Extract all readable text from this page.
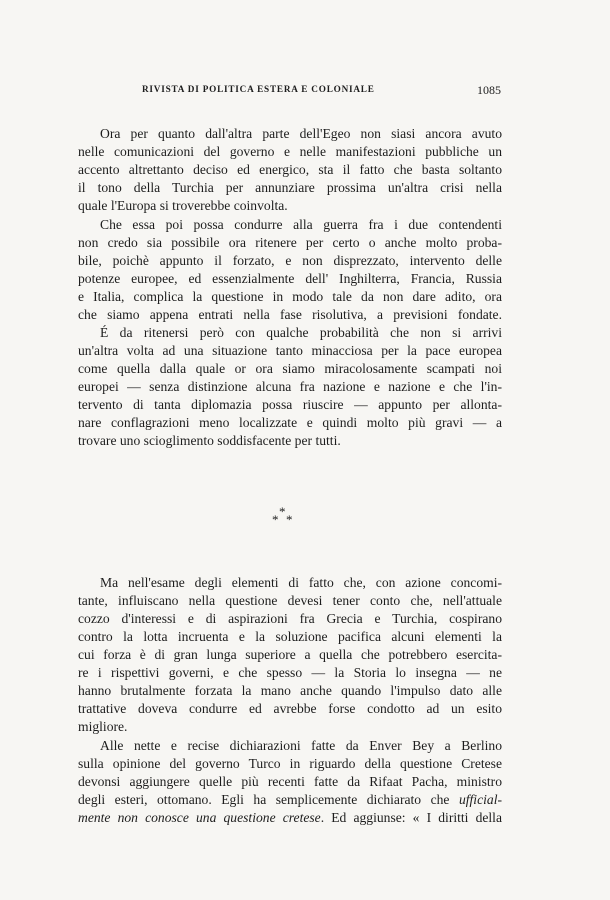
RIVISTA DI POLITICA ESTERA E COLONIALE	1085
Ora per quanto dall'altra parte dell'Egeo non siasi ancora avuto
nelle comunicazioni del governo e nelle manifestazioni pubbliche un
accento altrettanto deciso ed energico, sta il fatto che basta soltanto
il tono della Turchia per annunziare prossima un'altra crisi nella
quale l'Europa si troverebbe coinvolta.
Che essa poi possa condurre alla guerra fra i due contendenti
non credo sia possibile ora ritenere per certo o anche molto proba-
bile, poichè appunto il forzato, e non disprezzato, intervento delle
potenze europee, ed essenzialmente dell' Inghilterra, Francia, Russia
e Italia, complica la questione in modo tale da non dare adito, ora
che siamo appena entrati nella fase risolutiva, a previsioni fondate.
É da ritenersi però con qualche probabilità che non si arrivi
un'altra volta ad una situazione tanto minacciosa per la pace europea
come quella dalla quale or ora siamo miracolosamente scampati noi
europei — senza distinzione alcuna fra nazione e nazione e che l'in-
tervento di tanta diplomazia possa riuscire — appunto per allonta-
nare conflagrazioni meno localizzate e quindi molto più gravi — a
trovare uno scioglimento soddisfacente per tutti.
*
* *
Ma nell'esame degli elementi di fatto che, con azione concomi-
tante, influiscano nella questione devesi tener conto che, nell'attuale
cozzo d'interessi e di aspirazioni fra Grecia e Turchia, cospirano
contro la lotta incruenta e la soluzione pacifica alcuni elementi la
cui forza è di gran lunga superiore a quella che potrebbero esercita-
re i rispettivi governi, e che spesso — la Storia lo insegna — ne
hanno brutalmente forzata la mano anche quando l'impulso dato alle
trattative doveva condurre ed avrebbe forse condotto ad un esito
migliore.
Alle nette e recise dichiarazioni fatte da Enver Bey a Berlino
sulla opinione del governo Turco in riguardo della questione Cretese
devonsi aggiungere quelle più recenti fatte da Rifaat Pacha, ministro
degli esteri, ottomano. Egli ha semplicemente dichiarato che ufficial-
mente non conosce una questione cretese. Ed aggiunse: « I diritti della
